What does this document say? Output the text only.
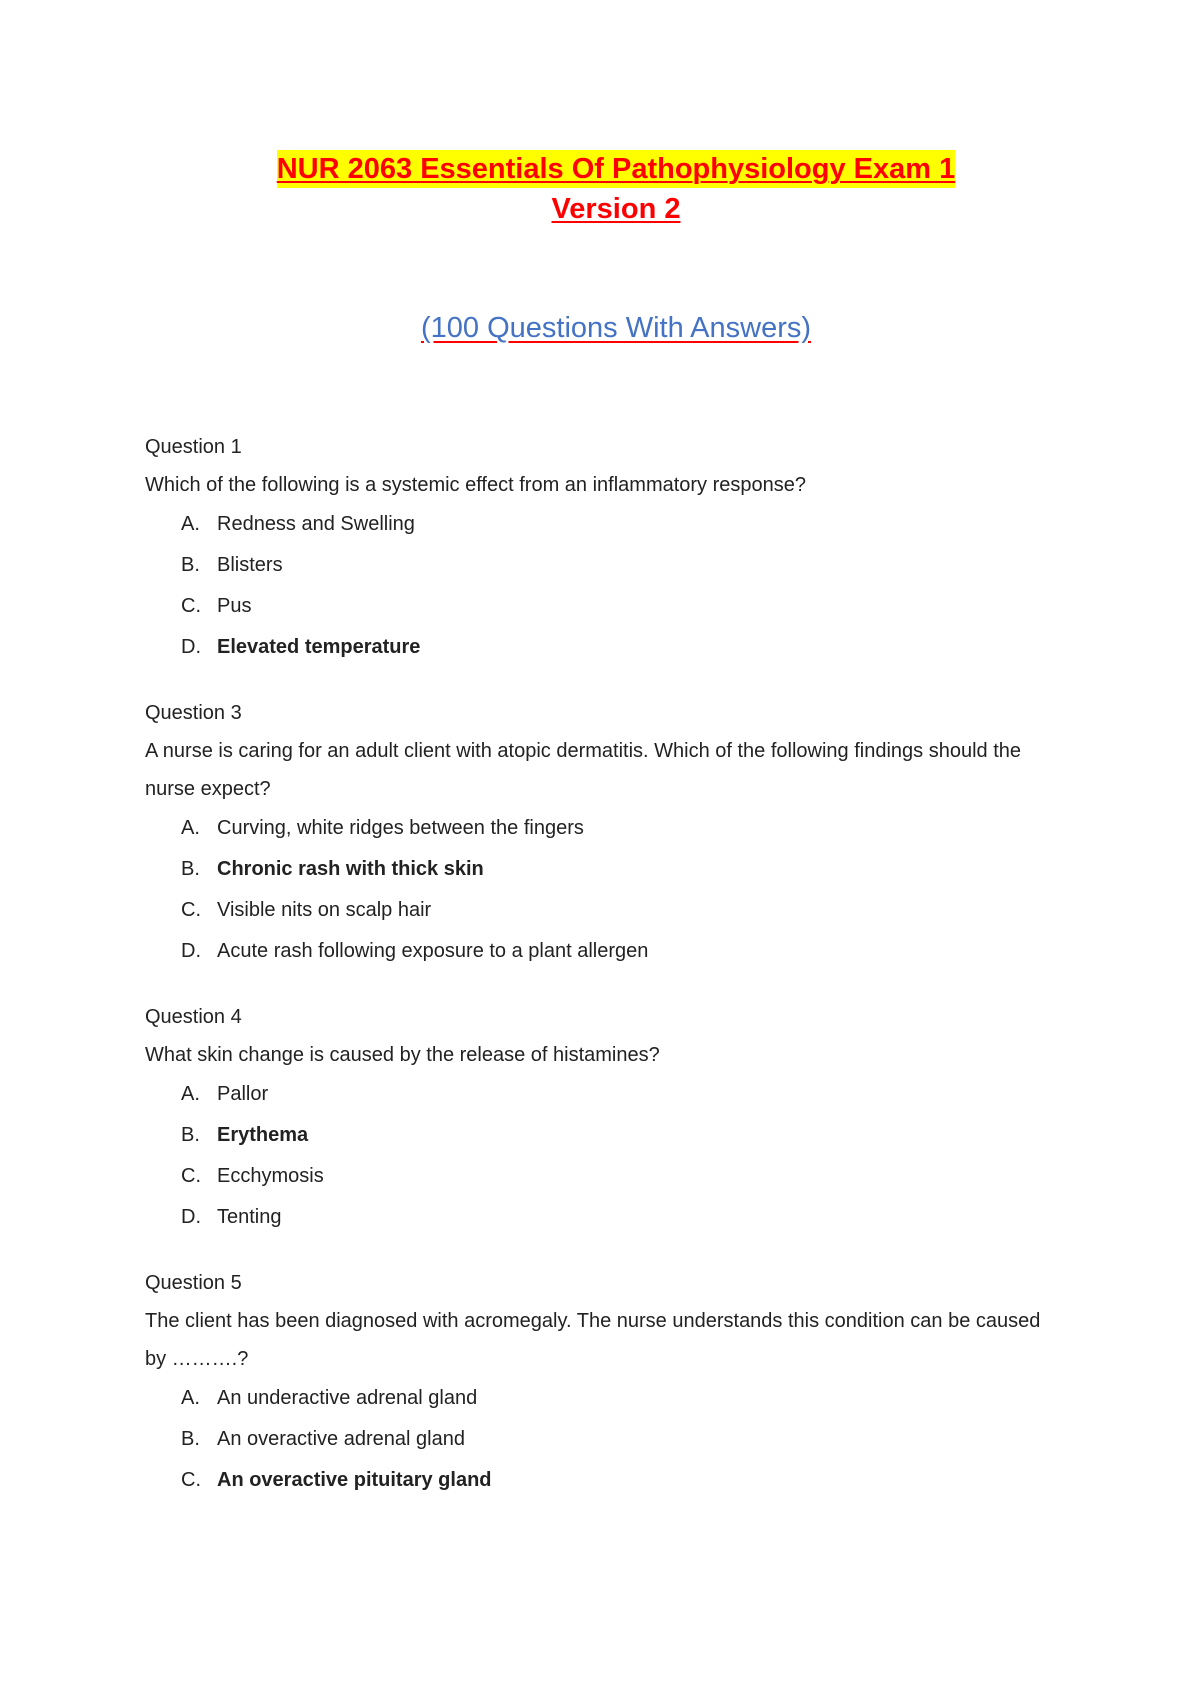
NUR 2063 Essentials Of Pathophysiology Exam 1
Version 2
(100 Questions With Answers)
Question 1
Which of the following is a systemic effect from an inflammatory response?
A. Redness and Swelling
B. Blisters
C. Pus
D. Elevated temperature
Question 3
A nurse is caring for an adult client with atopic dermatitis. Which of the following findings should the nurse expect?
A. Curving, white ridges between the fingers
B. Chronic rash with thick skin
C. Visible nits on scalp hair
D. Acute rash following exposure to a plant allergen
Question 4
What skin change is caused by the release of histamines?
A. Pallor
B. Erythema
C. Ecchymosis
D. Tenting
Question 5
The client has been diagnosed with acromegaly. The nurse understands this condition can be caused by ……….?
A. An underactive adrenal gland
B. An overactive adrenal gland
C. An overactive pituitary gland
